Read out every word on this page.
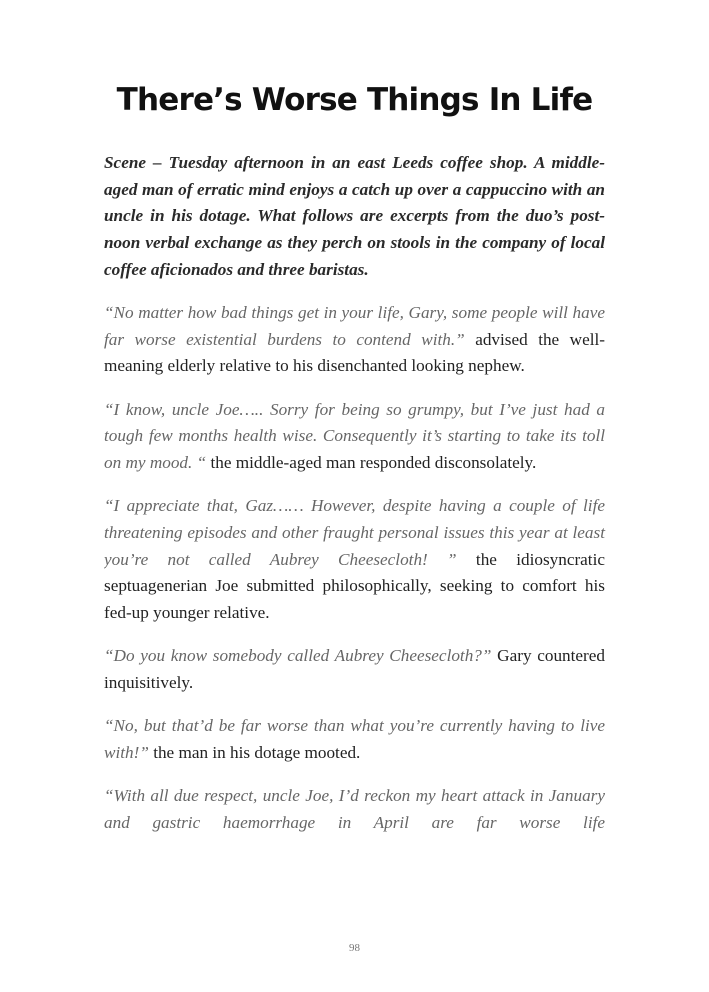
There’s Worse Things In Life

Scene – Tuesday afternoon in an east Leeds coffee shop. A middle-aged man of erratic mind enjoys a catch up over a cappuccino with an uncle in his dotage. What follows are excerpts from the duo’s post-noon verbal exchange as they perch on stools in the company of local coffee aficionados and three baristas.

“No matter how bad things get in your life, Gary, some people will have far worse existential burdens to contend with.” advised the well-meaning elderly relative to his disenchanted looking nephew.

“I know, uncle Joe….. Sorry for being so grumpy, but I’ve just had a tough few months health wise. Consequently it’s starting to take its toll on my mood. “ the middle-aged man responded disconsolately.

“I appreciate that, Gaz…… However, despite having a couple of life threatening episodes and other fraught personal issues this year at least you’re not called Aubrey Cheesecloth! ” the idiosyncratic septuagenerian Joe submitted philosophically, seeking to comfort his fed-up younger relative.

“Do you know somebody called Aubrey Cheesecloth?” Gary countered inquisitively.

“No, but that’d be far worse than what you’re currently having to live with!” the man in his dotage mooted.

“With all due respect, uncle Joe, I’d reckon my heart attack in January and gastric haemorrhage in April are far worse life

98
